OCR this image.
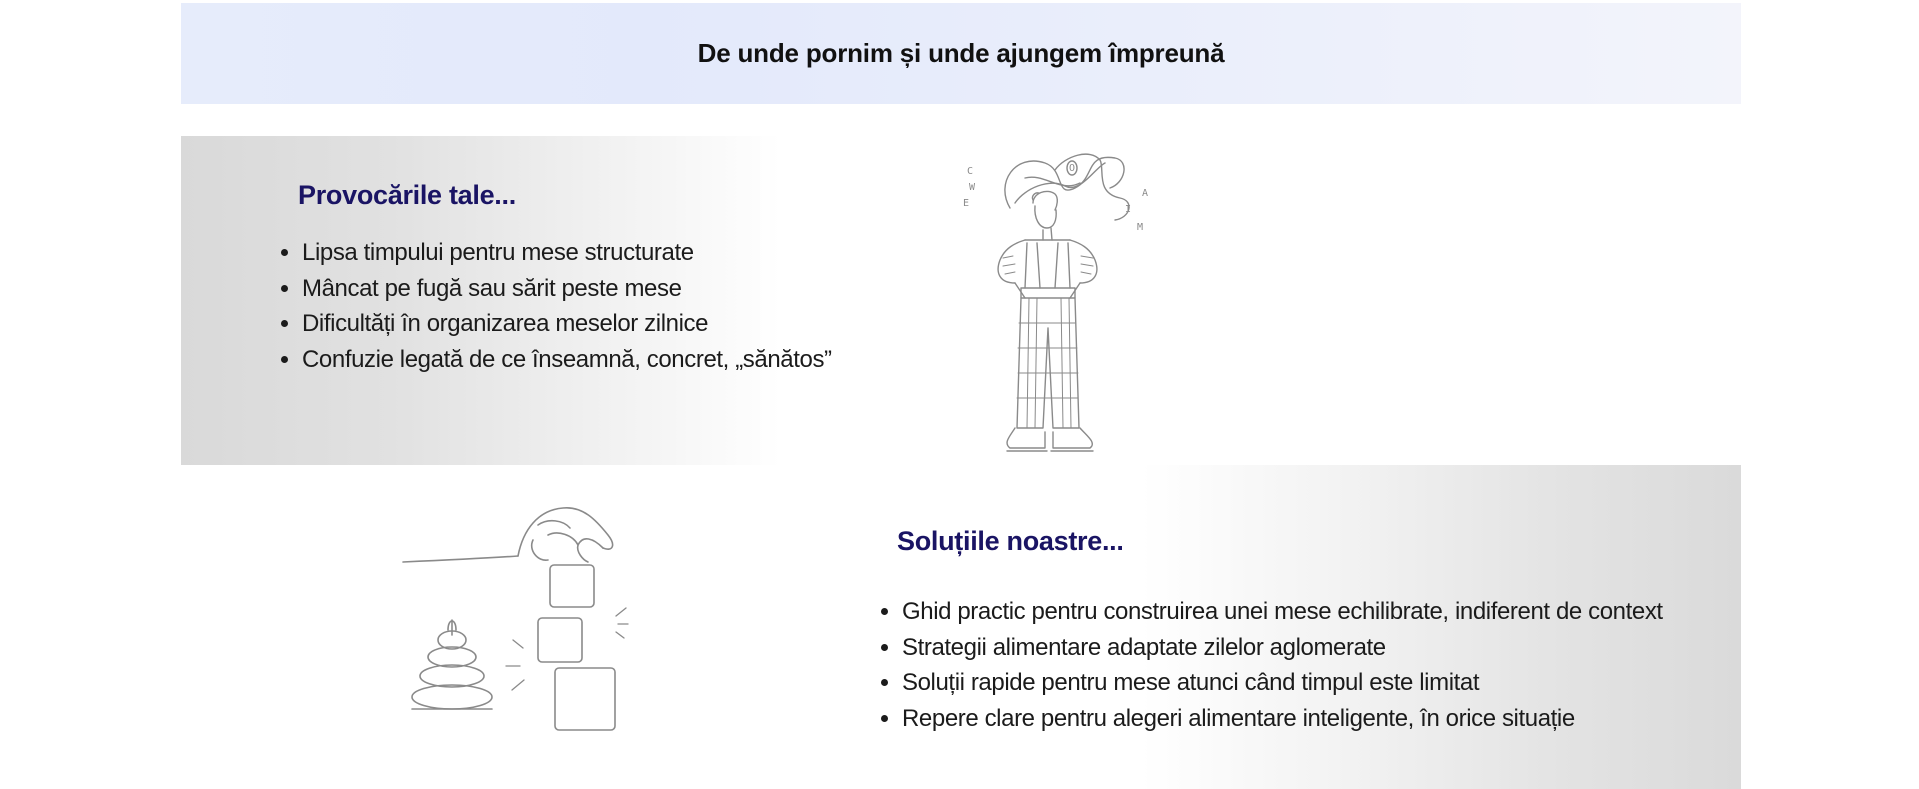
De unde pornim și unde ajungem împreună
Provocările tale...
• Lipsa timpului pentru mese structurate
• Mâncat pe fugă sau sărit peste mese
• Dificultăți în organizarea meselor zilnice
• Confuzie legată de ce înseamnă, concret, „sănătos”
Soluțiile noastre...
• Ghid practic pentru construirea unei mese echilibrate, indiferent de context
• Strategii alimentare adaptate zilelor aglomerate
• Soluții rapide pentru mese atunci când timpul este limitat
• Repere clare pentru alegeri alimentare inteligente, în orice situație
C
W
E
O
A
I
M
